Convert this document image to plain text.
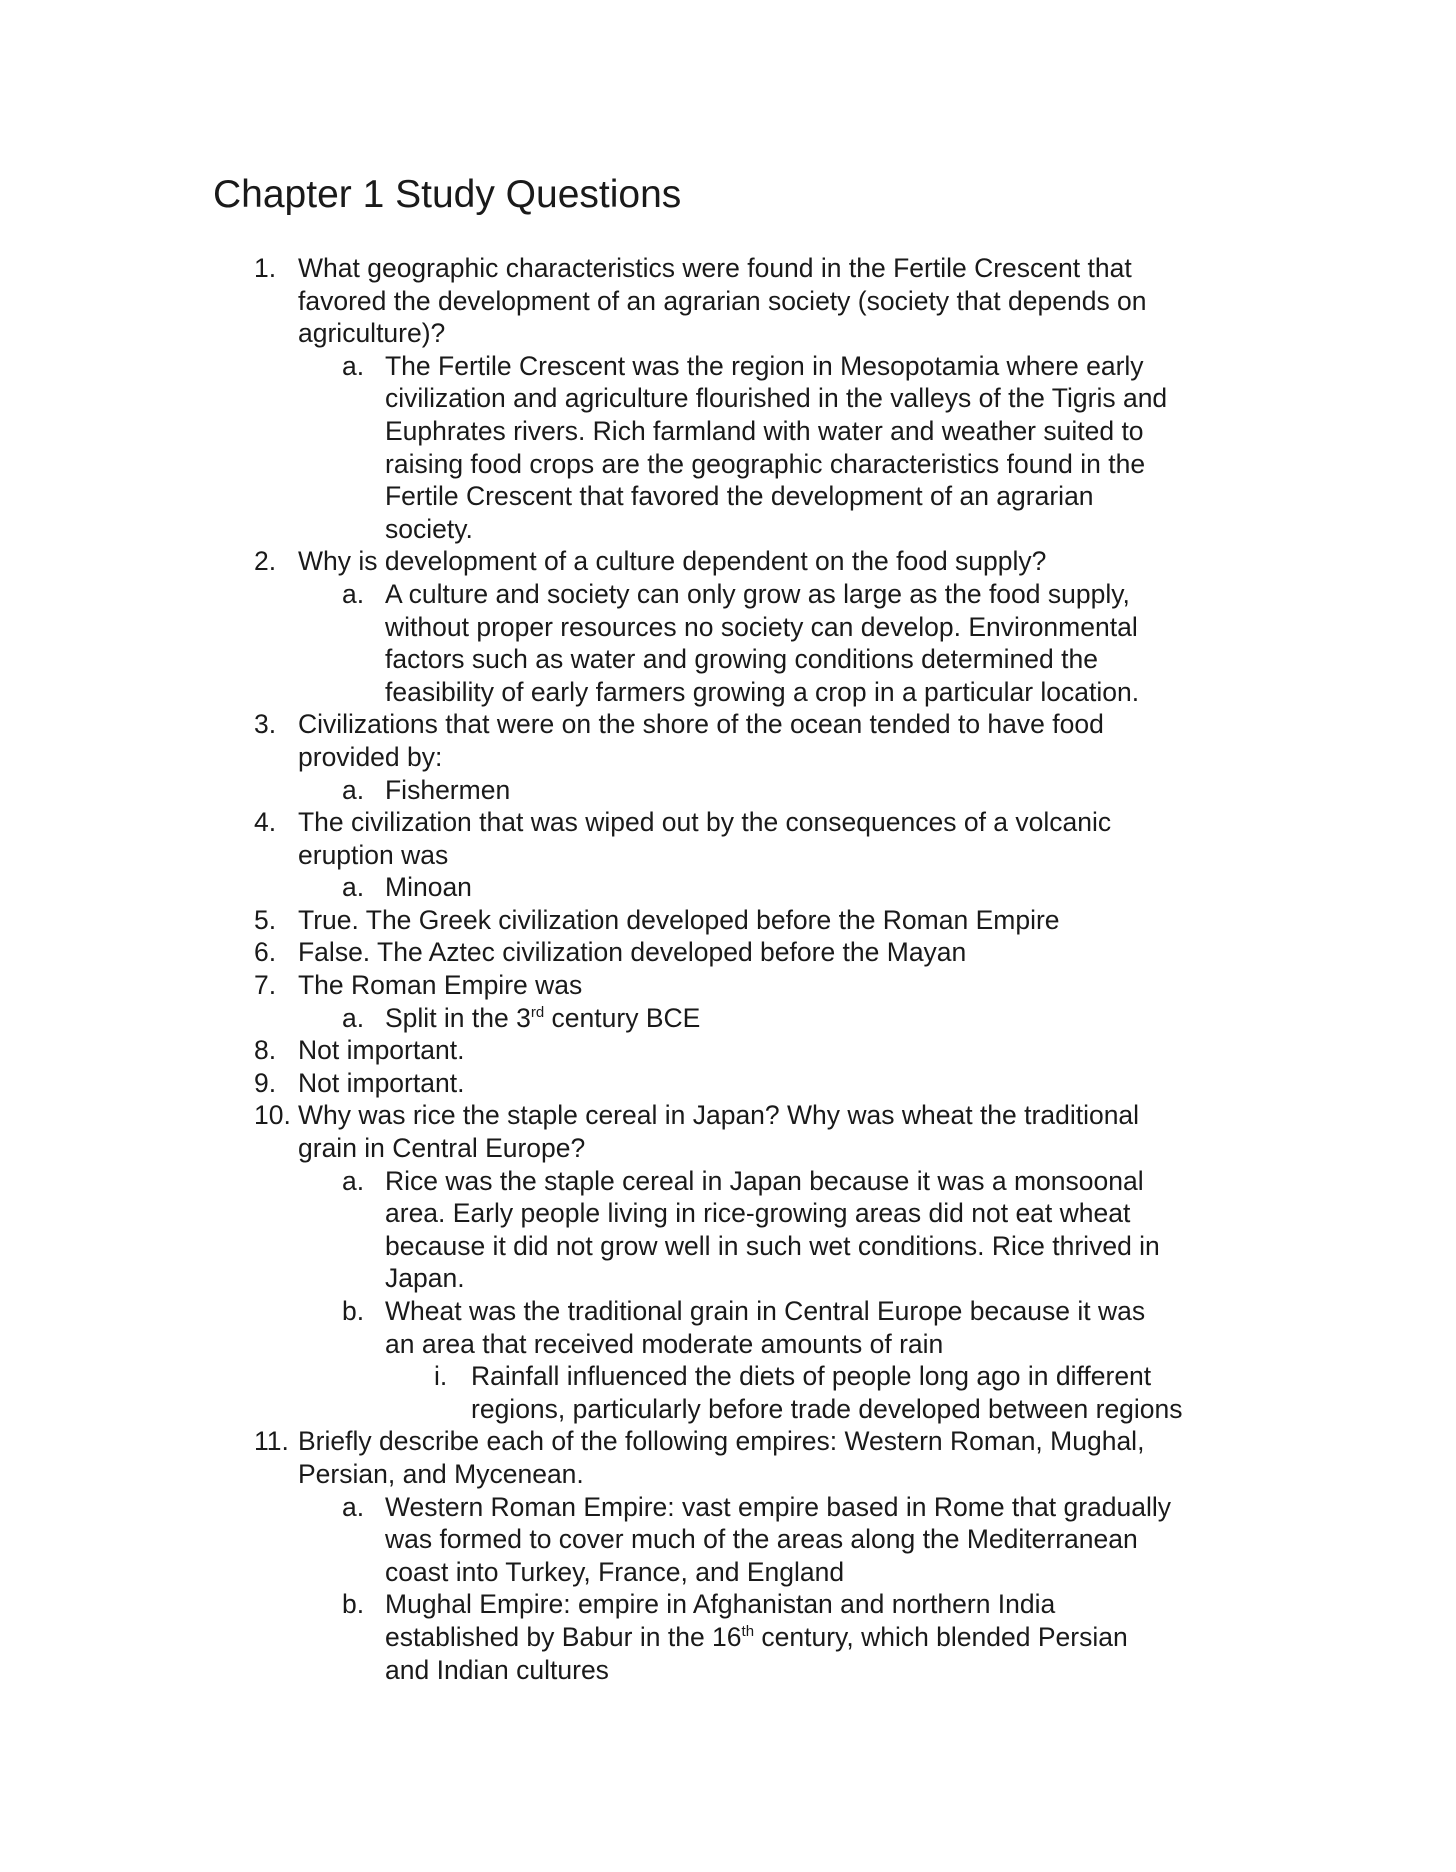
Chapter 1 Study Questions
1. What geographic characteristics were found in the Fertile Crescent that
favored the development of an agrarian society (society that depends on
agriculture)?
a. The Fertile Crescent was the region in Mesopotamia where early
civilization and agriculture flourished in the valleys of the Tigris and
Euphrates rivers. Rich farmland with water and weather suited to
raising food crops are the geographic characteristics found in the
Fertile Crescent that favored the development of an agrarian
society.
2. Why is development of a culture dependent on the food supply?
a. A culture and society can only grow as large as the food supply,
without proper resources no society can develop. Environmental
factors such as water and growing conditions determined the
feasibility of early farmers growing a crop in a particular location.
3. Civilizations that were on the shore of the ocean tended to have food
provided by:
a. Fishermen
4. The civilization that was wiped out by the consequences of a volcanic
eruption was
a. Minoan
5. True. The Greek civilization developed before the Roman Empire
6. False. The Aztec civilization developed before the Mayan
7. The Roman Empire was
a. Split in the 3rd century BCE
8. Not important.
9. Not important.
10. Why was rice the staple cereal in Japan? Why was wheat the traditional
grain in Central Europe?
a. Rice was the staple cereal in Japan because it was a monsoonal
area. Early people living in rice-growing areas did not eat wheat
because it did not grow well in such wet conditions. Rice thrived in
Japan.
b. Wheat was the traditional grain in Central Europe because it was
an area that received moderate amounts of rain
i. Rainfall influenced the diets of people long ago in different
regions, particularly before trade developed between regions
11. Briefly describe each of the following empires: Western Roman, Mughal,
Persian, and Mycenean.
a. Western Roman Empire: vast empire based in Rome that gradually
was formed to cover much of the areas along the Mediterranean
coast into Turkey, France, and England
b. Mughal Empire: empire in Afghanistan and northern India
established by Babur in the 16th century, which blended Persian
and Indian cultures
